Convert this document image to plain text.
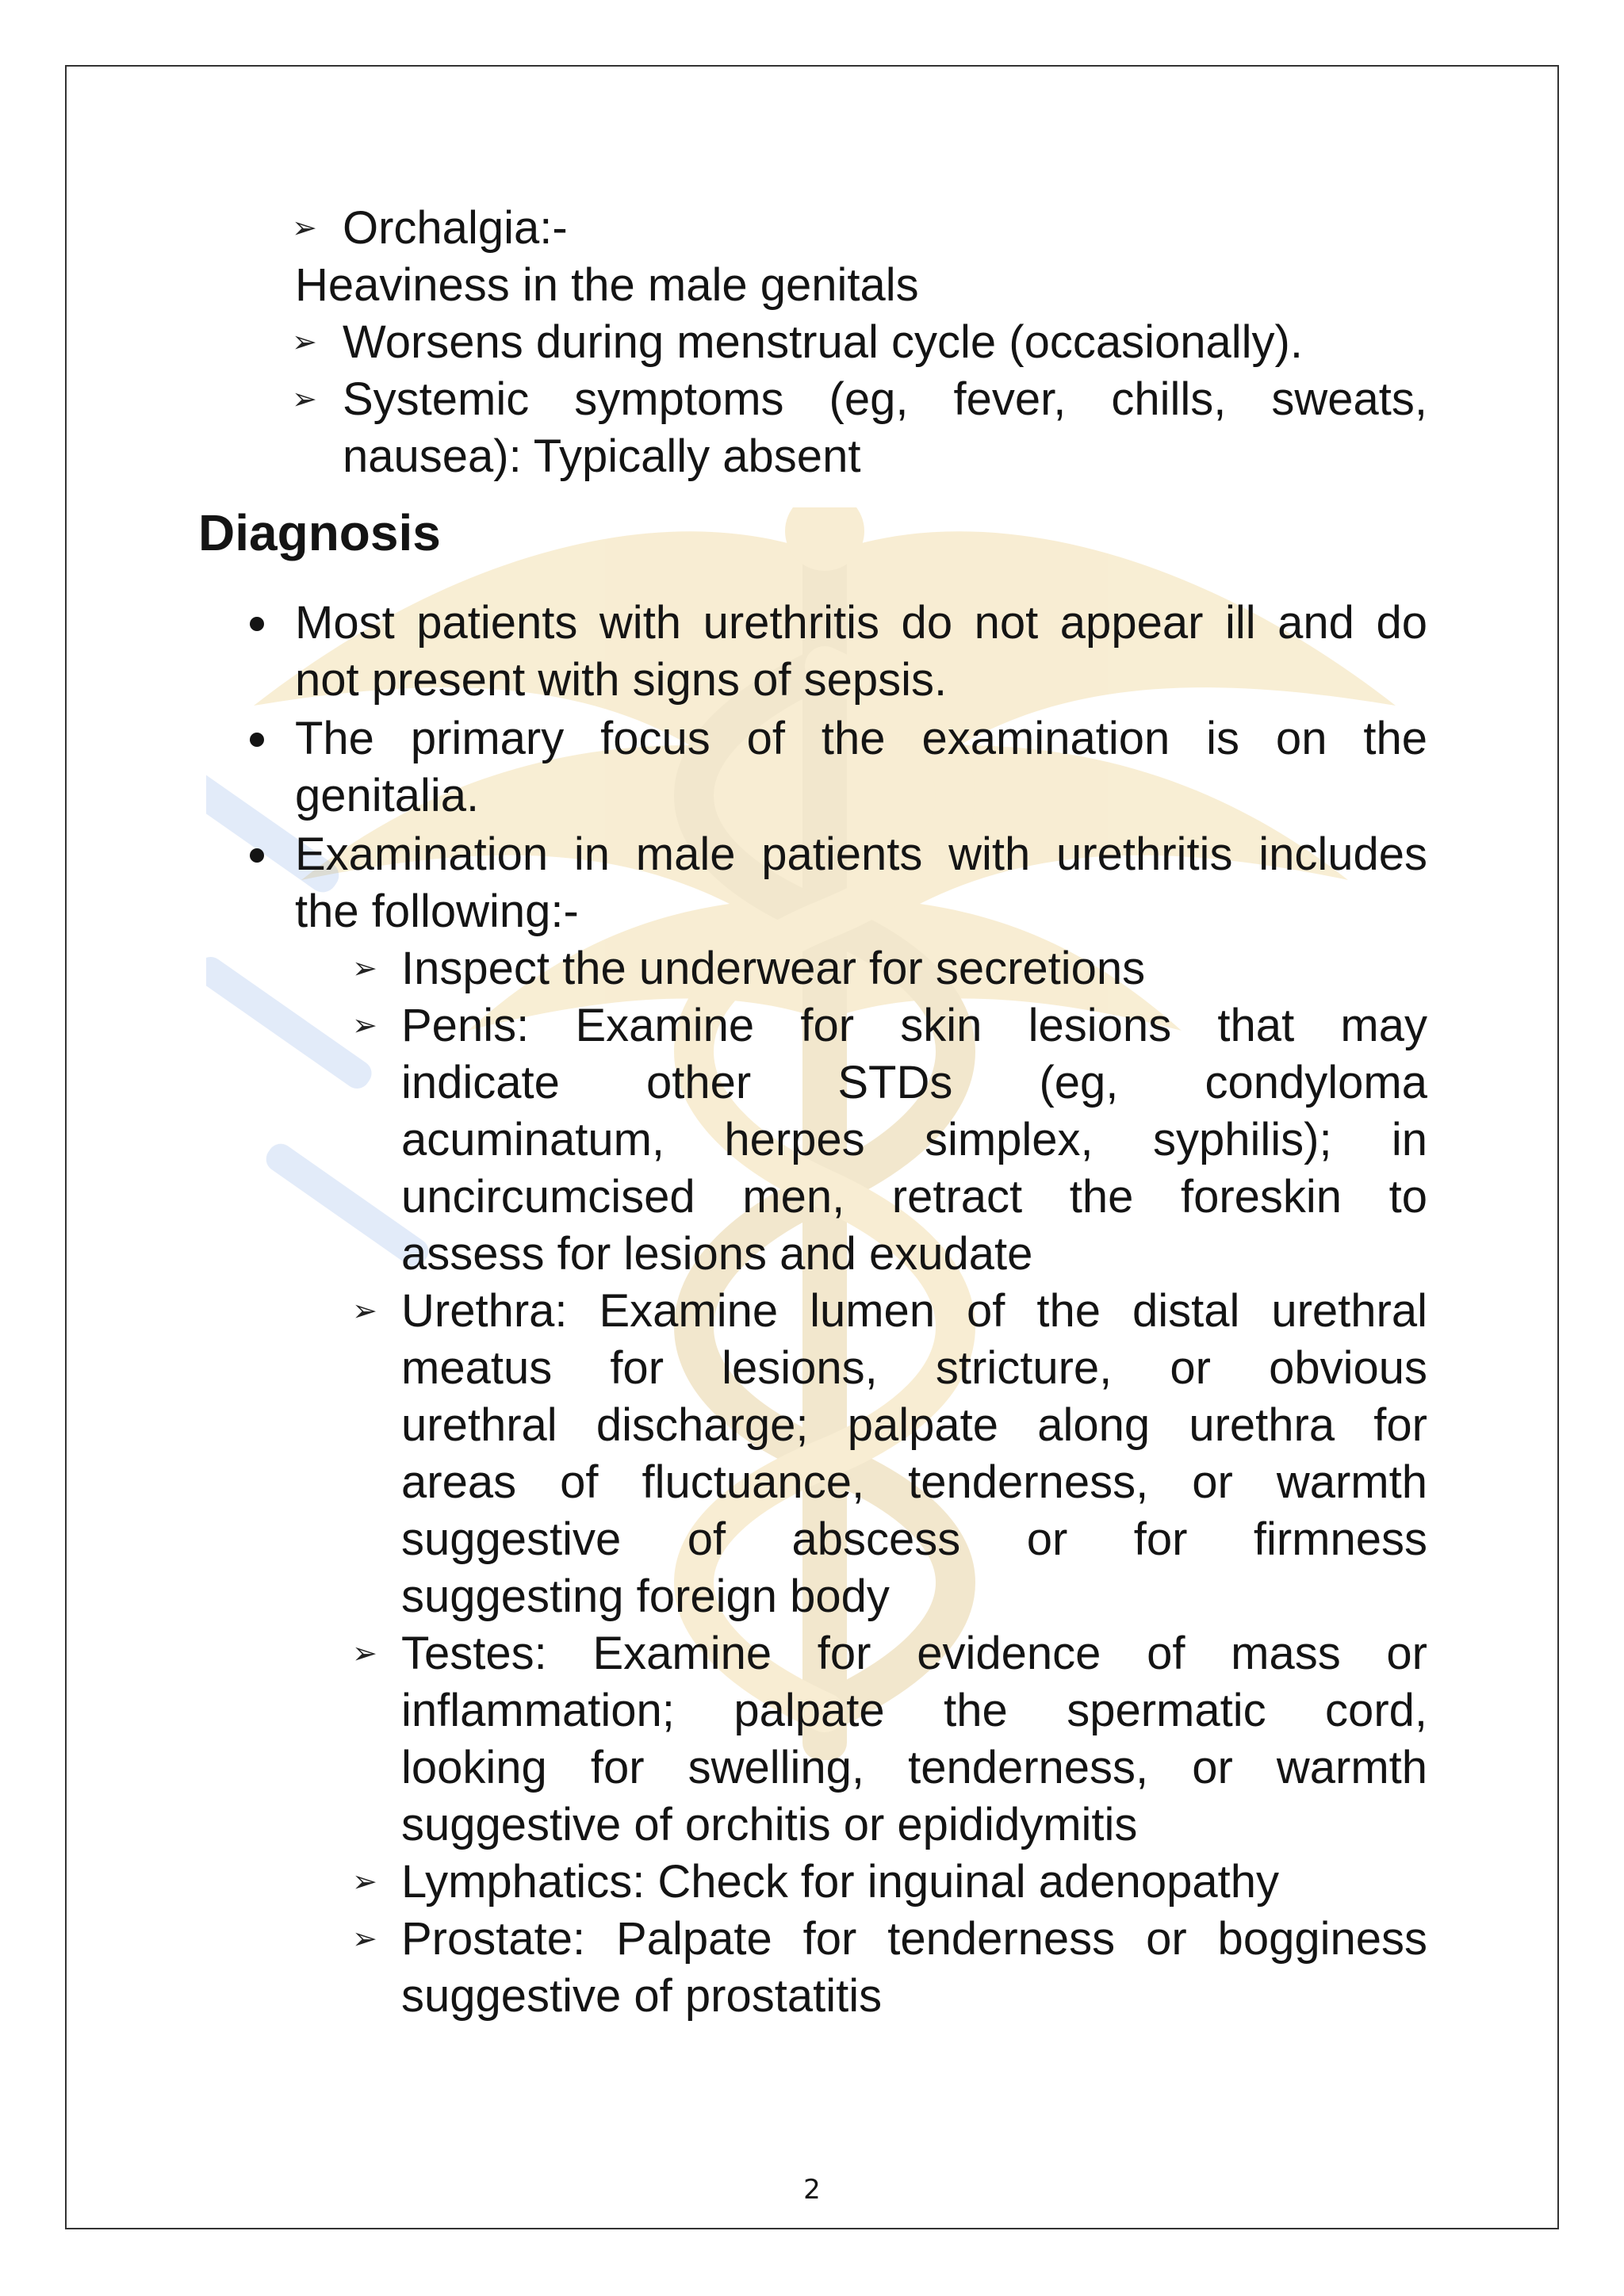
➢ Orchalgia:-
Heaviness in the male genitals
➢ Worsens during menstrual cycle (occasionally).
➢ Systemic symptoms (eg, fever, chills, sweats,
nausea): Typically absent
Diagnosis
Most patients with urethritis do not appear ill and do
not present with signs of sepsis.
The primary focus of the examination is on the
genitalia.
Examination in male patients with urethritis includes
the following:-
➢ Inspect the underwear for secretions
➢ Penis: Examine for skin lesions that may
indicate other STDs (eg, condyloma
acuminatum, herpes simplex, syphilis); in
uncircumcised men, retract the foreskin to
assess for lesions and exudate
➢ Urethra: Examine lumen of the distal urethral
meatus for lesions, stricture, or obvious
urethral discharge; palpate along urethra for
areas of fluctuance, tenderness, or warmth
suggestive of abscess or for firmness
suggesting foreign body
➢ Testes: Examine for evidence of mass or
inflammation; palpate the spermatic cord,
looking for swelling, tenderness, or warmth
suggestive of orchitis or epididymitis
➢ Lymphatics: Check for inguinal adenopathy
➢ Prostate: Palpate for tenderness or bogginess
suggestive of prostatitis
2
